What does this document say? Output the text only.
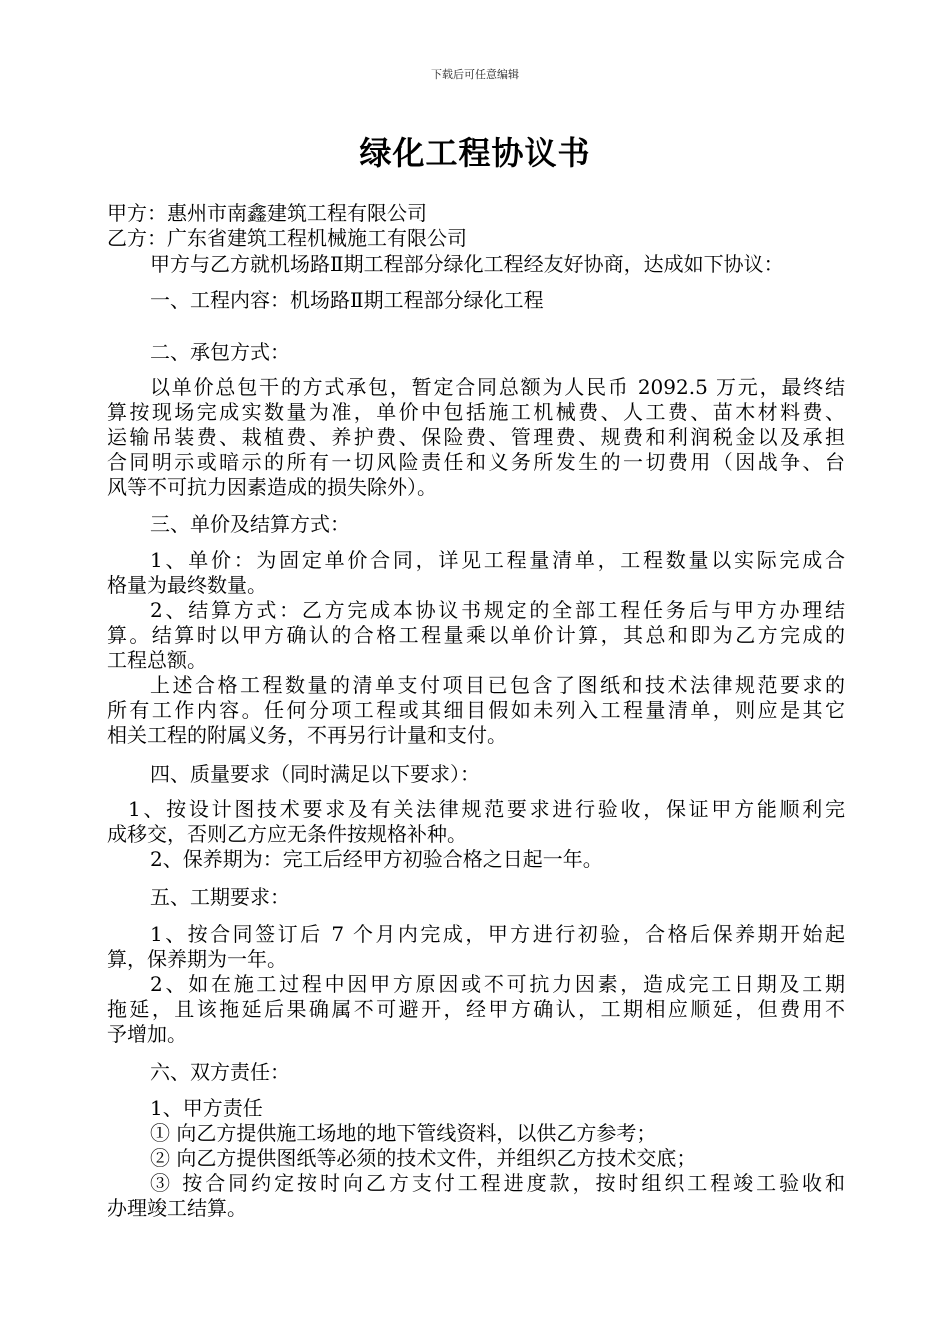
下载后可任意编辑
绿化工程协议书
甲方：惠州市南鑫建筑工程有限公司
乙方：广东省建筑工程机械施工有限公司
甲方与乙方就机场路Ⅱ期工程部分绿化工程经友好协商，达成如下协议：
一、工程内容：机场路Ⅱ期工程部分绿化工程
二、承包方式：
以单价总包干的方式承包，暂定合同总额为人民币 2092.5 万元，最终结
算按现场完成实数量为准，单价中包括施工机械费、人工费、苗木材料费、
运输吊装费、栽植费、养护费、保险费、管理费、规费和利润税金以及承担
合同明示或暗示的所有一切风险责任和义务所发生的一切费用（因战争、台
风等不可抗力因素造成的损失除外）。
三、单价及结算方式：
1、单价：为固定单价合同，详见工程量清单，工程数量以实际完成合
格量为最终数量。
2、结算方式：乙方完成本协议书规定的全部工程任务后与甲方办理结
算。结算时以甲方确认的合格工程量乘以单价计算，其总和即为乙方完成的
工程总额。
上述合格工程数量的清单支付项目已包含了图纸和技术法律规范要求的
所有工作内容。任何分项工程或其细目假如未列入工程量清单，则应是其它
相关工程的附属义务，不再另行计量和支付。
四、质量要求（同时满足以下要求）：
1、按设计图技术要求及有关法律规范要求进行验收，保证甲方能顺利完
成移交，否则乙方应无条件按规格补种。
2、保养期为：完工后经甲方初验合格之日起一年。
五、工期要求：
1、按合同签订后 7 个月内完成，甲方进行初验，合格后保养期开始起
算，保养期为一年。
2、如在施工过程中因甲方原因或不可抗力因素，造成完工日期及工期
拖延，且该拖延后果确属不可避开，经甲方确认，工期相应顺延，但费用不
予增加。
六、双方责任：
1、甲方责任
① 向乙方提供施工场地的地下管线资料，以供乙方参考；
② 向乙方提供图纸等必须的技术文件，并组织乙方技术交底；
③ 按合同约定按时向乙方支付工程进度款，按时组织工程竣工验收和
办理竣工结算。
